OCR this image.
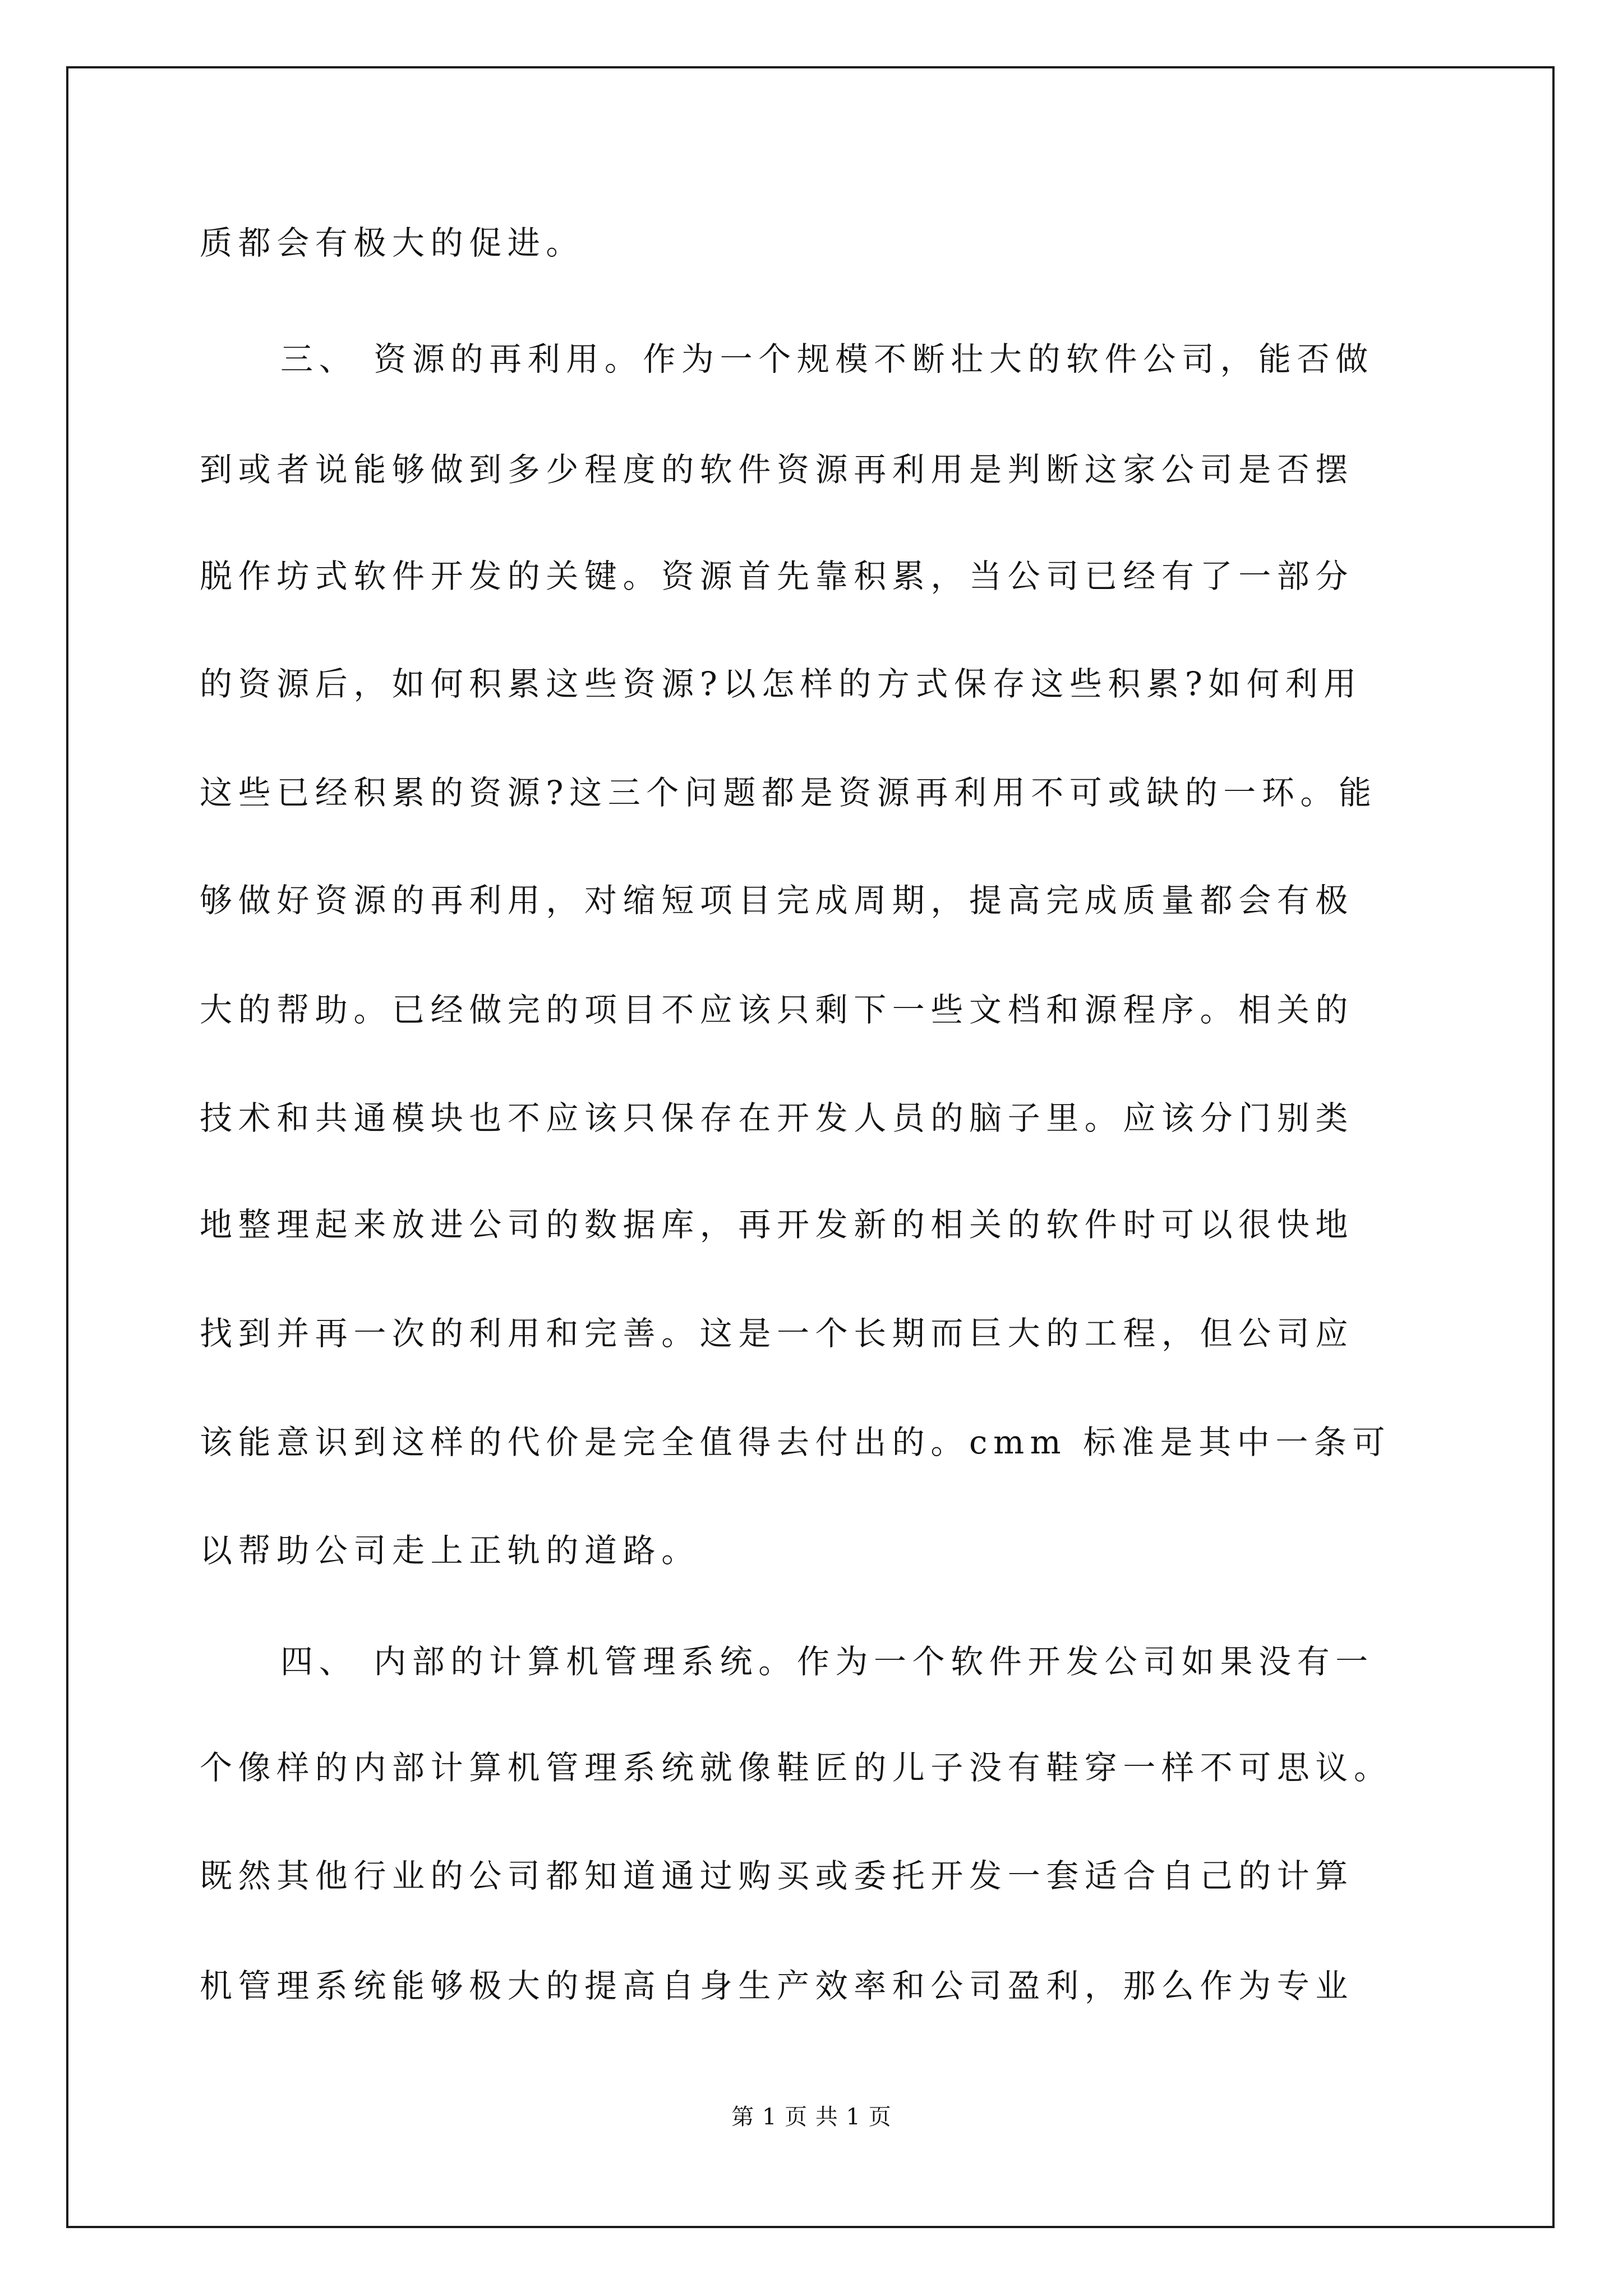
质都会有极大的促进。
三、 资源的再利用。作为一个规模不断壮大的软件公司，能否做
到或者说能够做到多少程度的软件资源再利用是判断这家公司是否摆
脱作坊式软件开发的关键。资源首先靠积累，当公司已经有了一部分
的资源后，如何积累这些资源?以怎样的方式保存这些积累?如何利用
这些已经积累的资源?这三个问题都是资源再利用不可或缺的一环。能
够做好资源的再利用，对缩短项目完成周期，提高完成质量都会有极
大的帮助。已经做完的项目不应该只剩下一些文档和源程序。相关的
技术和共通模块也不应该只保存在开发人员的脑子里。应该分门别类
地整理起来放进公司的数据库，再开发新的相关的软件时可以很快地
找到并再一次的利用和完善。这是一个长期而巨大的工程，但公司应
该能意识到这样的代价是完全值得去付出的。cmm 标准是其中一条可
以帮助公司走上正轨的道路。
四、 内部的计算机管理系统。作为一个软件开发公司如果没有一
个像样的内部计算机管理系统就像鞋匠的儿子没有鞋穿一样不可思议。
既然其他行业的公司都知道通过购买或委托开发一套适合自己的计算
机管理系统能够极大的提高自身生产效率和公司盈利，那么作为专业
第 1 页 共 1 页
